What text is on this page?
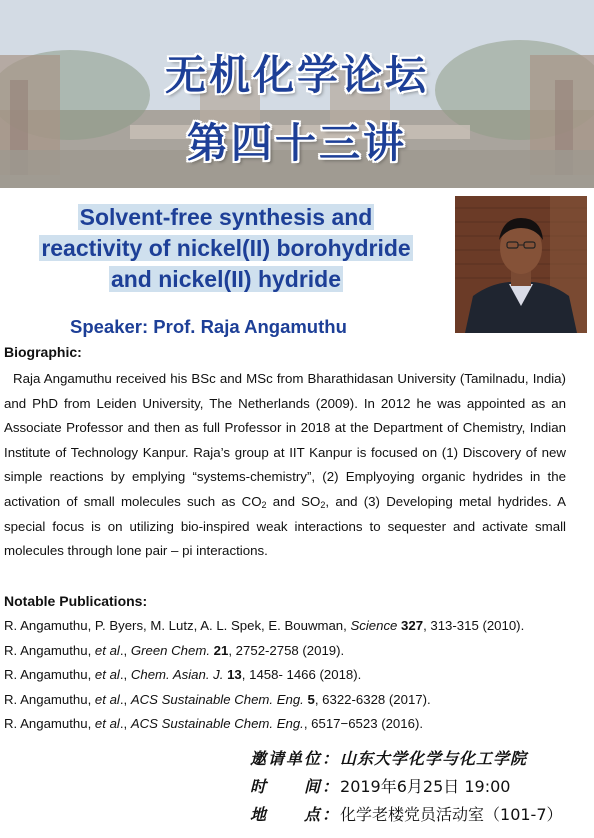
无机化学论坛
第四十三讲
Solvent-free synthesis and
reactivity of nickel(II) borohydride
and nickel(II) hydride
Speaker: Prof. Raja Angamuthu
Biographic:

Raja Angamuthu received his BSc and MSc from Bharathidasan University (Tamilnadu, India) and PhD from Leiden University, The Netherlands (2009). In 2012 he was appointed as an Associate Professor and then as full Professor in 2018 at the Department of Chemistry, Indian Institute of Technology Kanpur. Raja’s group at IIT Kanpur is focused on (1) Discovery of new simple reactions by emplying “systems-chemistry”, (2) Emplyoying organic hydrides in the activation of small molecules such as $CO_2$ and $SO_2$, and (3) Developing metal hydrides. A special focus is on utilizing bio-inspired weak interactions to sequester and activate small molecules through lone pair – pi interactions.

Notable Publications:
R. Angamuthu, P. Byers, M. Lutz, A. L. Spek, E. Bouwman, Science 327, 313-315 (2010).
R. Angamuthu, et al., Green Chem. 21, 2752-2758 (2019).
R. Angamuthu, et al., Chem. Asian. J. 13, 1458- 1466 (2018).
R. Angamuthu, et al., ACS Sustainable Chem. Eng. 5, 6322-6328 (2017).
R. Angamuthu, et al., ACS Sustainable Chem. Eng., 6517−6523 (2016).
邀请单位：山东大学化学与化工学院
时　　间：2019年6月25日 19:00
地　　点：化学老楼党员活动室（101-7）
